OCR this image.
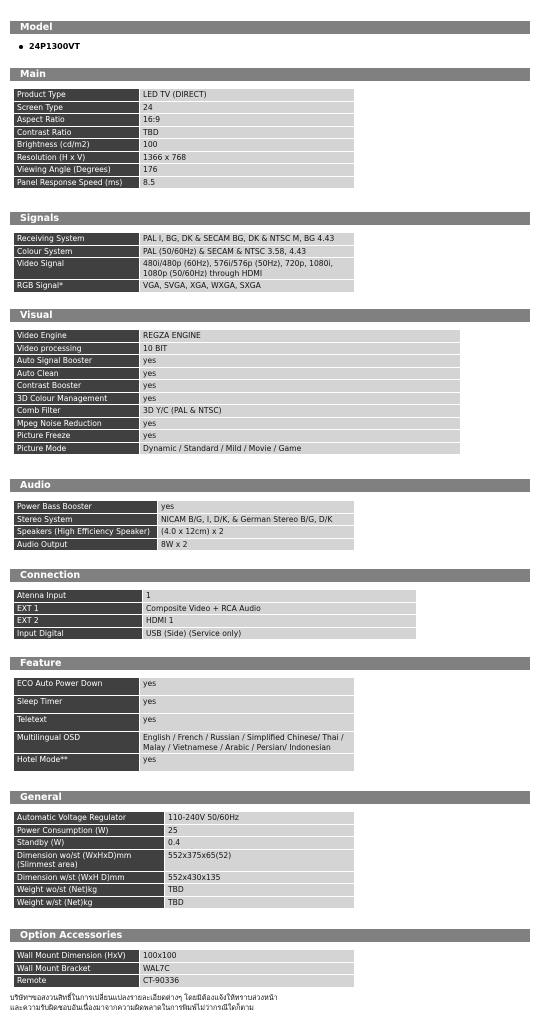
Model
24P1300VT
Main
Product Type	LED TV (DIRECT)
Screen Type	24
Aspect Ratio	16:9
Contrast Ratio	TBD
Brightness (cd/m2)	100
Resolution (H x V)	1366 x 768
Viewing Angle (Degrees)	176
Panel Response Speed (ms)	8.5
Signals
Receiving System	PAL I, BG, DK & SECAM BG, DK & NTSC M, BG 4.43
Colour System	PAL (50/60Hz) & SECAM & NTSC 3.58, 4.43
Video Signal	480i/480p (60Hz), 576i/576p (50Hz), 720p, 1080i, 1080p (50/60Hz) through HDMI
RGB Signal*	VGA, SVGA, XGA, WXGA, SXGA
Visual
Video Engine	REGZA ENGINE
Video processing	10 BIT
Auto Signal Booster	yes
Auto Clean	yes
Contrast Booster	yes
3D Colour Management	yes
Comb Filter	3D Y/C (PAL & NTSC)
Mpeg Noise Reduction	yes
Picture Freeze	yes
Picture Mode	Dynamic / Standard / Mild / Movie / Game
Audio
Power Bass Booster	yes
Stereo System	NICAM B/G, I, D/K, & German Stereo B/G, D/K
Speakers (High Efficiency Speaker)	(4.0 x 12cm) x 2
Audio Output	8W x 2
Connection
Atenna Input	1
EXT 1	Composite Video + RCA Audio
EXT 2	HDMI 1
Input Digital	USB (Side) (Service only)
Feature
ECO Auto Power Down	yes
Sleep Timer	yes
Teletext	yes
Multilingual OSD	English / French / Russian / Simplified Chinese/ Thai / Malay / Vietnamese / Arabic / Persian/ Indonesian
Hotel Mode**	yes
General
Automatic Voltage Regulator	110-240V 50/60Hz
Power Consumption (W)	25
Standby (W)	0.4
Dimension wo/st (WxHxD)mm (Slimmest area)	552x375x65(52)
Dimension w/st (WxH D)mm	552x430x135
Weight wo/st (Net)kg	TBD
Weight w/st (Net)kg	TBD
Option Accessories
Wall Mount Dimension (HxV)	100x100
Wall Mount Bracket	WAL7C
Remote	CT-90336
บริษัทฯขอสงวนสิทธิ์ในการเปลี่ยนแปลงรายละเอียดต่างๆ โดยมิต้องแจ้งให้ทราบล่วงหน้า
และความรับผิดชอบอันเนื่องมาจากความผิดพลาดในการพิมพ์ไม่ว่ากรณีใดก็ตาม
